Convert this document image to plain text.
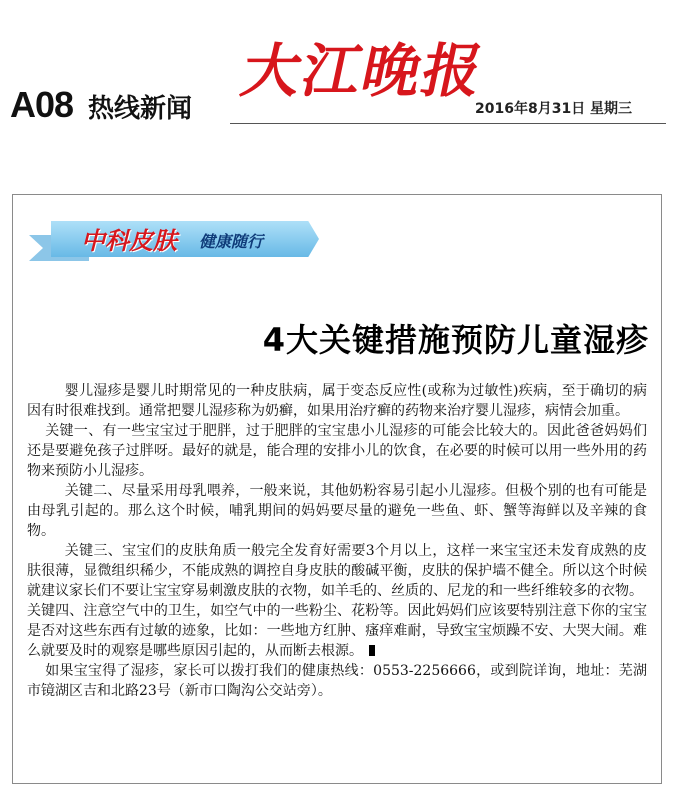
A08 热线新闻
大江晚报
2016年8月31日 星期三
中科皮肤 健康随行
4大关键措施预防儿童湿疹

婴儿湿疹是婴儿时期常见的一种皮肤病，属于变态反应性(或称为过敏性)疾病，至于确切的病因有时很难找到。通常把婴儿湿疹称为奶癣，如果用治疗癣的药物来治疗婴儿湿疹，病情会加重。

关键一、有一些宝宝过于肥胖，过于肥胖的宝宝患小儿湿疹的可能会比较大的。因此爸爸妈妈们还是要避免孩子过胖呀。最好的就是，能合理的安排小儿的饮食，在必要的时候可以用一些外用的药物来预防小儿湿疹。

关键二、尽量采用母乳喂养，一般来说，其他奶粉容易引起小儿湿疹。但极个别的也有可能是由母乳引起的。那么这个时候，哺乳期间的妈妈要尽量的避免一些鱼、虾、蟹等海鲜以及辛辣的食物。

关键三、宝宝们的皮肤角质一般完全发育好需要3个月以上，这样一来宝宝还未发育成熟的皮肤很薄，显微组织稀少，不能成熟的调控自身皮肤的酸碱平衡，皮肤的保护墙不健全。所以这个时候就建议家长们不要让宝宝穿易刺激皮肤的衣物，如羊毛的、丝质的、尼龙的和一些纤维较多的衣物。

关键四、注意空气中的卫生，如空气中的一些粉尘、花粉等。因此妈妈们应该要特别注意下你的宝宝是否对这些东西有过敏的迹象，比如：一些地方红肿、瘙痒难耐，导致宝宝烦躁不安、大哭大闹。难么就要及时的观察是哪些原因引起的，从而断去根源。

如果宝宝得了湿疹，家长可以拨打我们的健康热线：0553-2256666，或到院详询，地址：芜湖市镜湖区吉和北路23号（新市口陶沟公交站旁）。
